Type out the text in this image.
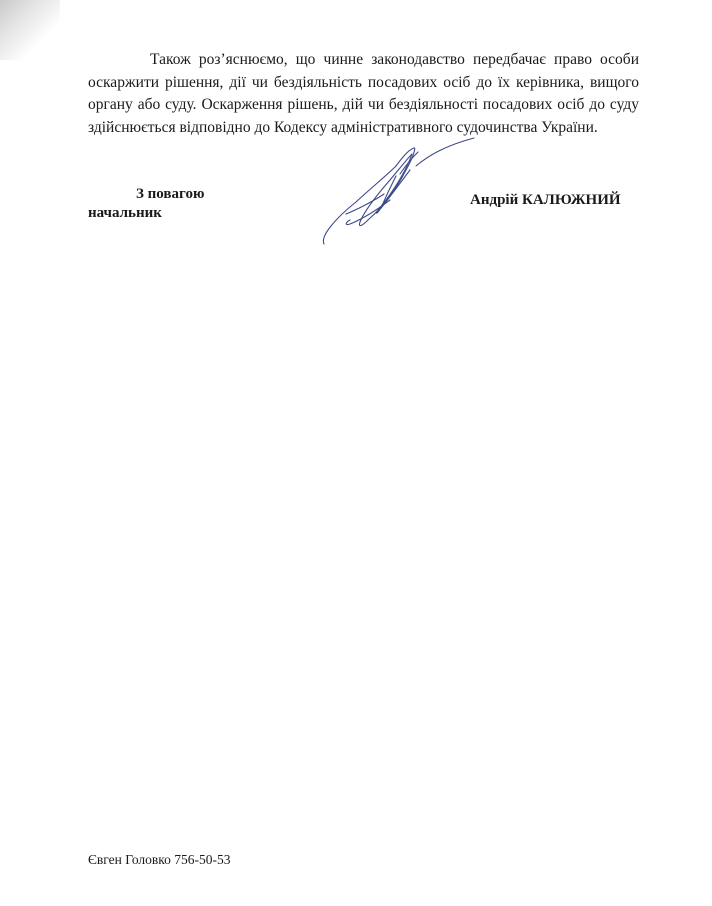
Також роз’яснюємо, що чинне законодавство передбачає право особи оскаржити рішення, дії чи бездіяльність посадових осіб до їх керівника, вищого органу або суду. Оскарження рішень, дій чи бездіяльності посадових осіб до суду здійснюється відповідно до Кодексу адміністративного судочинства України.

З повагою
начальник
Андрій КАЛЮЖНИЙ
Євген Головко 756-50-53
